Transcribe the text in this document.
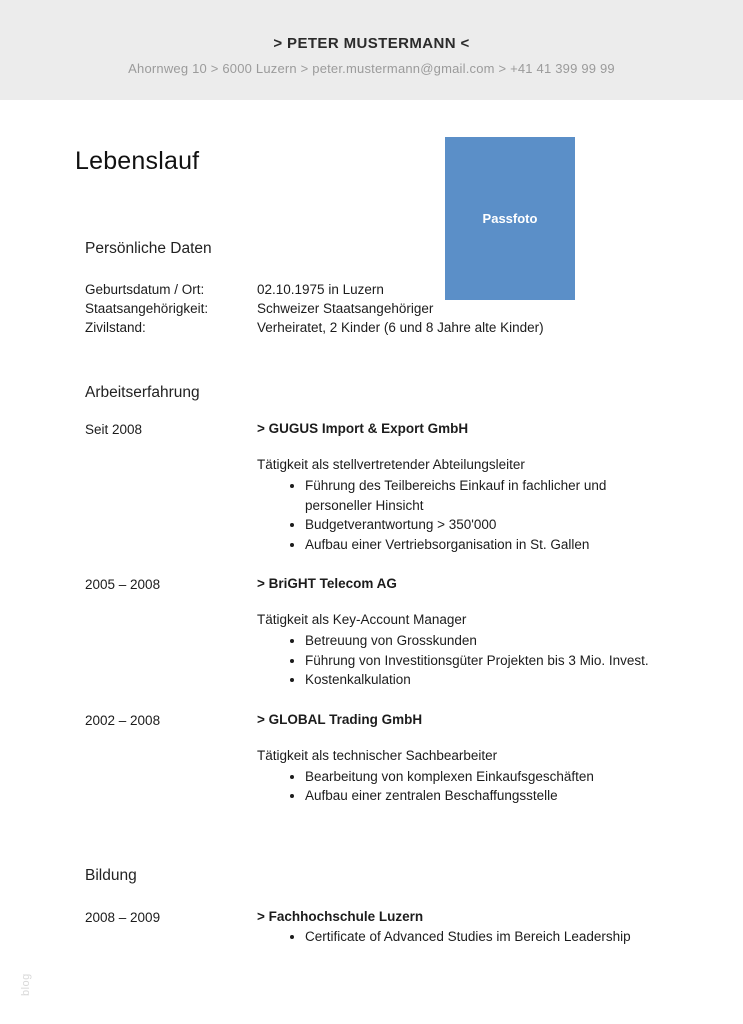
> PETER MUSTERMANN <
Ahornweg 10 > 6000 Luzern > peter.mustermann@gmail.com > +41 41 399 99 99
Passfoto
Lebenslauf
Persönliche Daten
Geburtsdatum / Ort:	02.10.1975 in Luzern
Staatsangehörigkeit:	Schweizer Staatsangehöriger
Zivilstand:	Verheiratet, 2 Kinder (6 und 8 Jahre alte Kinder)
Arbeitserfahrung
Seit 2008	> GUGUS Import & Export GmbH
Tätigkeit als stellvertretender Abteilungsleiter
• Führung des Teilbereichs Einkauf in fachlicher und personeller Hinsicht
• Budgetverantwortung > 350'000
• Aufbau einer Vertriebsorganisation in St. Gallen
2005 – 2008	> BriGHT Telecom AG
Tätigkeit als Key-Account Manager
• Betreuung von Grosskunden
• Führung von Investitionsgüter Projekten bis 3 Mio. Invest.
• Kostenkalkulation
2002 – 2008	> GLOBAL Trading GmbH
Tätigkeit als technischer Sachbearbeiter
• Bearbeitung von komplexen Einkaufsgeschäften
• Aufbau einer zentralen Beschaffungsstelle
Bildung
2008 – 2009	> Fachhochschule Luzern
• Certificate of Advanced Studies im Bereich Leadership
blog
